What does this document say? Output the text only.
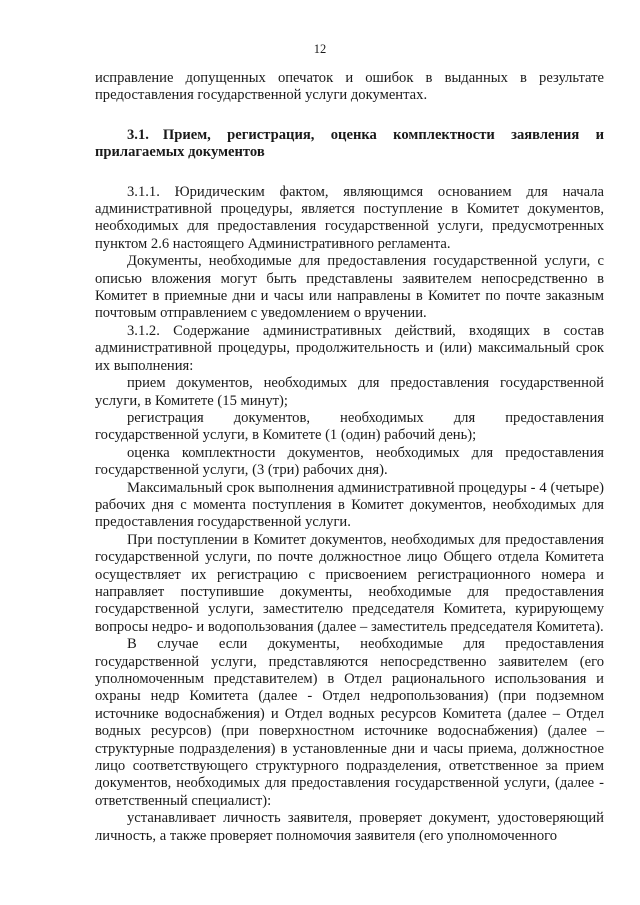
12

исправление допущенных опечаток и ошибок в выданных в результате предоставления государственной услуги документах.

3.1. Прием, регистрация, оценка комплектности заявления и прилагаемых документов

3.1.1. Юридическим фактом, являющимся основанием для начала административной процедуры, является поступление в Комитет документов, необходимых для предоставления государственной услуги, предусмотренных пунктом 2.6 настоящего Административного регламента.

Документы, необходимые для предоставления государственной услуги, с описью вложения могут быть представлены заявителем непосредственно в Комитет в приемные дни и часы или направлены в Комитет по почте заказным почтовым отправлением с уведомлением о вручении.

3.1.2. Содержание административных действий, входящих в состав административной процедуры, продолжительность и (или) максимальный срок их выполнения:

прием документов, необходимых для предоставления государственной услуги, в Комитете (15 минут);

регистрация документов, необходимых для предоставления государственной услуги, в Комитете (1 (один) рабочий день);

оценка комплектности документов, необходимых для предоставления государственной услуги, (3 (три) рабочих дня).

Максимальный срок выполнения административной процедуры - 4 (четыре) рабочих дня с момента поступления в Комитет документов, необходимых для предоставления государственной услуги.

При поступлении в Комитет документов, необходимых для предоставления государственной услуги, по почте должностное лицо Общего отдела Комитета осуществляет их регистрацию с присвоением регистрационного номера и направляет поступившие документы, необходимые для предоставления государственной услуги, заместителю председателя Комитета, курирующему вопросы недро- и водопользования (далее – заместитель председателя Комитета).

В случае если документы, необходимые для предоставления государственной услуги, представляются непосредственно заявителем (его уполномоченным представителем) в Отдел рационального использования и охраны недр Комитета (далее - Отдел недропользования) (при подземном источнике водоснабжения) и Отдел водных ресурсов Комитета (далее – Отдел водных ресурсов) (при поверхностном источнике водоснабжения) (далее – структурные подразделения) в установленные дни и часы приема, должностное лицо соответствующего структурного подразделения, ответственное за прием документов, необходимых для предоставления государственной услуги, (далее - ответственный специалист):

устанавливает личность заявителя, проверяет документ, удостоверяющий личность, а также проверяет полномочия заявителя (его уполномоченного
